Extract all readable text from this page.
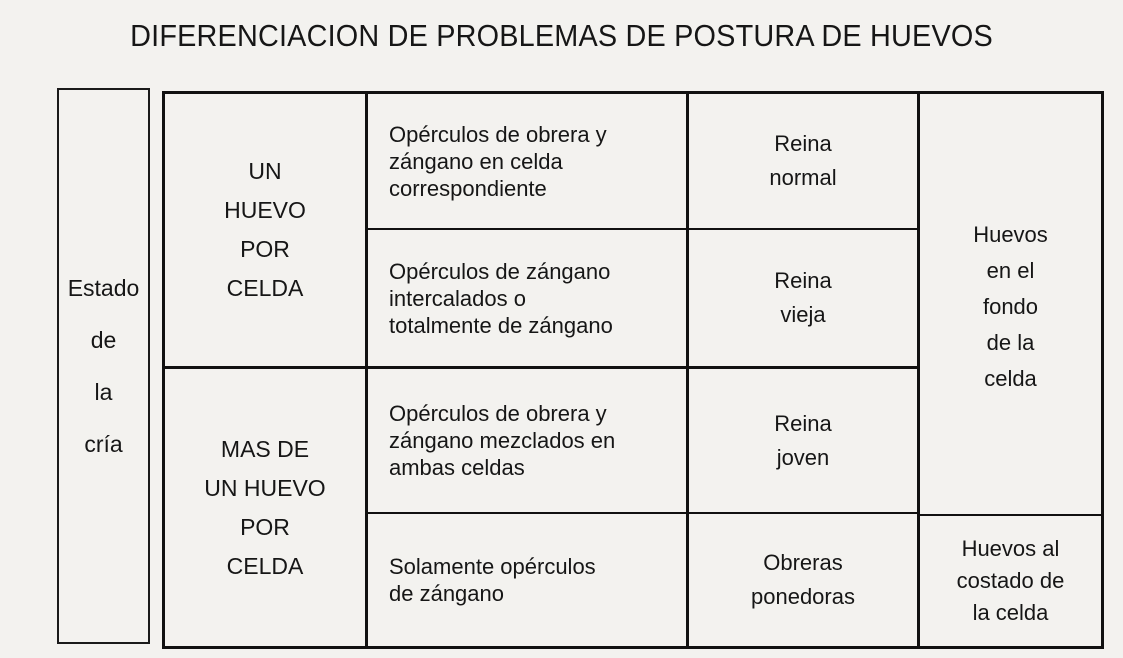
DIFERENCIACION DE PROBLEMAS DE POSTURA DE HUEVOS
Estado
de
la
cría
UN
HUEVO
POR
CELDA
MAS DE
UN HUEVO
POR
CELDA
Opérculos de obrera y
zángano en celda
correspondiente
Opérculos de zángano
intercalados o
totalmente de zángano
Opérculos de obrera y
zángano mezclados en
ambas celdas
Solamente opérculos
de zángano
Reina
normal
Reina
vieja
Reina
joven
Obreras
ponedoras
Huevos
en el
fondo
de la
celda
Huevos al
costado de
la celda
